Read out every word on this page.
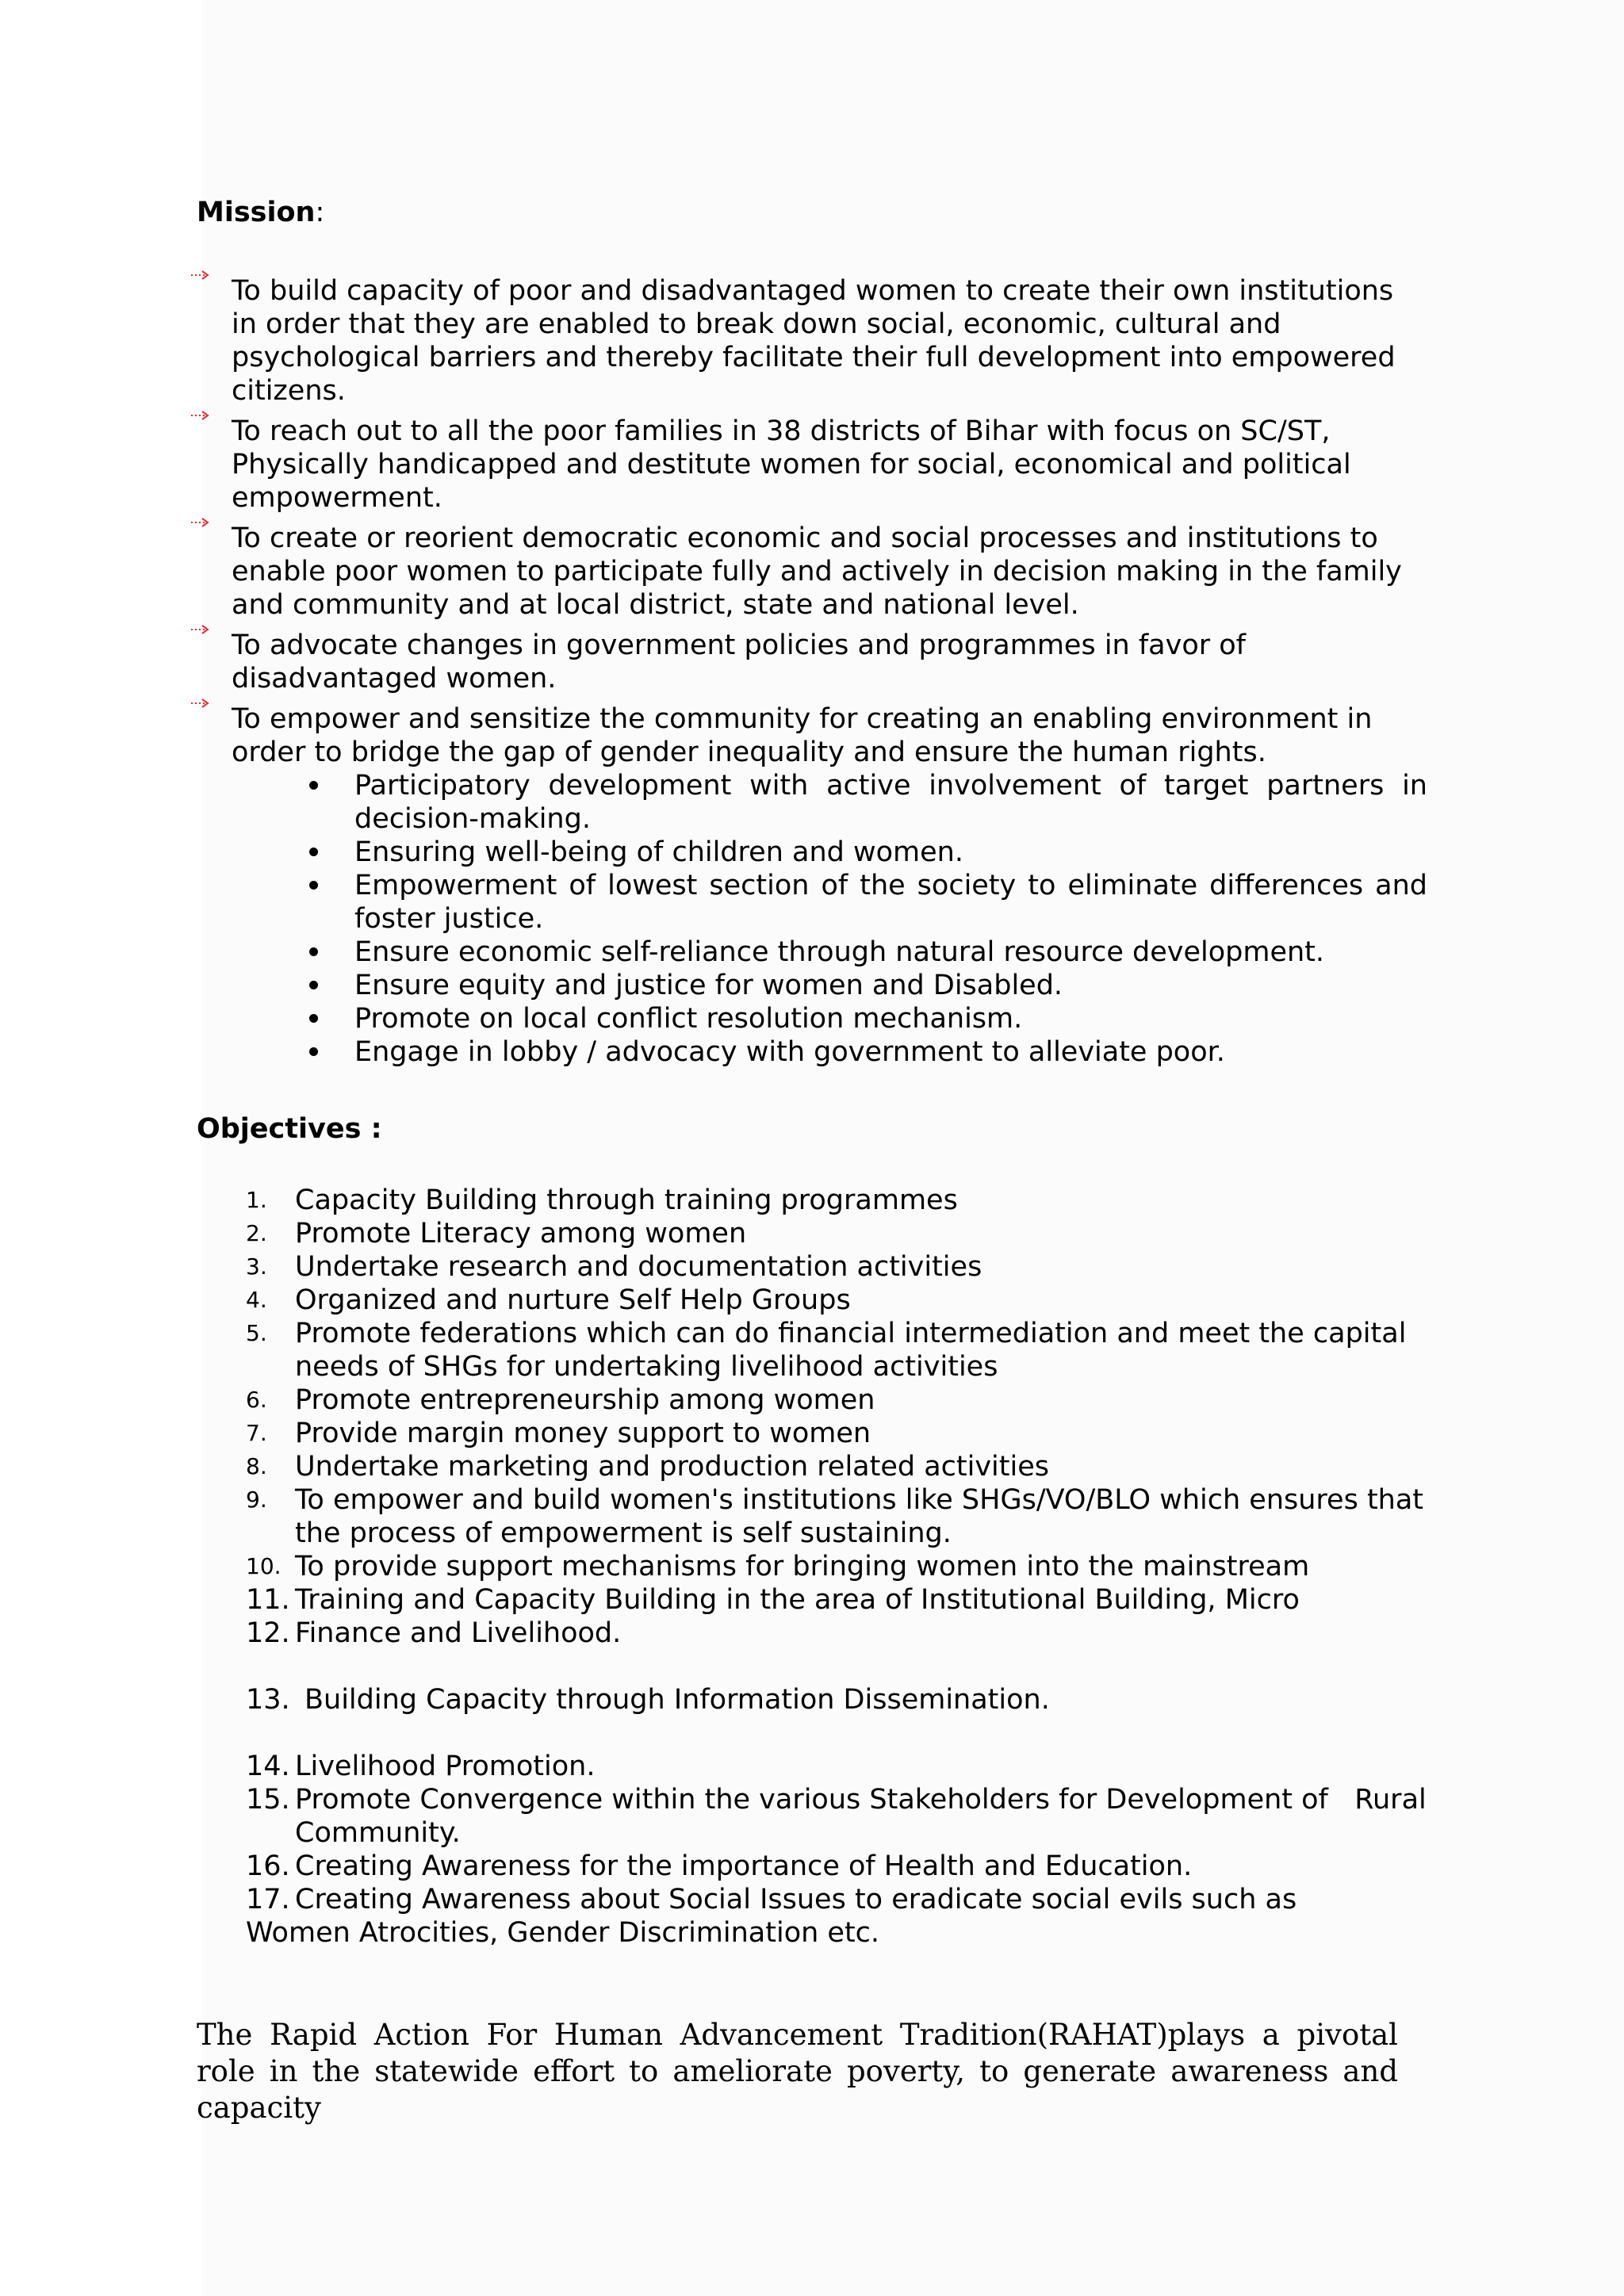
Mission:
To build capacity of poor and disadvantaged women to create their own institutions in order that they are enabled to break down social, economic, cultural and psychological barriers and thereby facilitate their full development into empowered citizens.
To reach out to all the poor families in 38 districts of Bihar with focus on SC/ST, Physically handicapped and destitute women for social, economical and political empowerment.
To create or reorient democratic economic and social processes and institutions to enable poor women to participate fully and actively in decision making in the family and community and at local district, state and national level.
To advocate changes in government policies and programmes in favor of disadvantaged women.
To empower and sensitize the community for creating an enabling environment in order to bridge the gap of gender inequality and ensure the human rights.
Participatory development with active involvement of target partners in decision-making.
Ensuring well-being of children and women.
Empowerment of lowest section of the society to eliminate differences and foster justice.
Ensure economic self-reliance through natural resource development.
Ensure equity and justice for women and Disabled.
Promote on local conflict resolution mechanism.
Engage in lobby / advocacy with government to alleviate poor.
Objectives :
1. Capacity Building through training programmes
2. Promote Literacy among women
3. Undertake research and documentation activities
4. Organized and nurture Self Help Groups
5. Promote federations which can do financial intermediation and meet the capital needs of SHGs for undertaking livelihood activities
6. Promote entrepreneurship among women
7. Provide margin money support to women
8. Undertake marketing and production related activities
9. To empower and build women's institutions like SHGs/VO/BLO which ensures that the process of empowerment is self sustaining.
10. To provide support mechanisms for bringing women into the mainstream
11. Training and Capacity Building in the area of Institutional Building, Micro
12. Finance and Livelihood.
13. Building Capacity through Information Dissemination.
14. Livelihood Promotion.
15. Promote Convergence within the various Stakeholders for Development of   Rural
Community.
16. Creating Awareness for the importance of Health and Education.
17. Creating Awareness about Social Issues to eradicate social evils such as
Women Atrocities, Gender Discrimination etc.

The Rapid Action For Human Advancement Tradition(RAHAT)plays a pivotal role in the statewide effort to ameliorate poverty, to generate awareness and capacity
